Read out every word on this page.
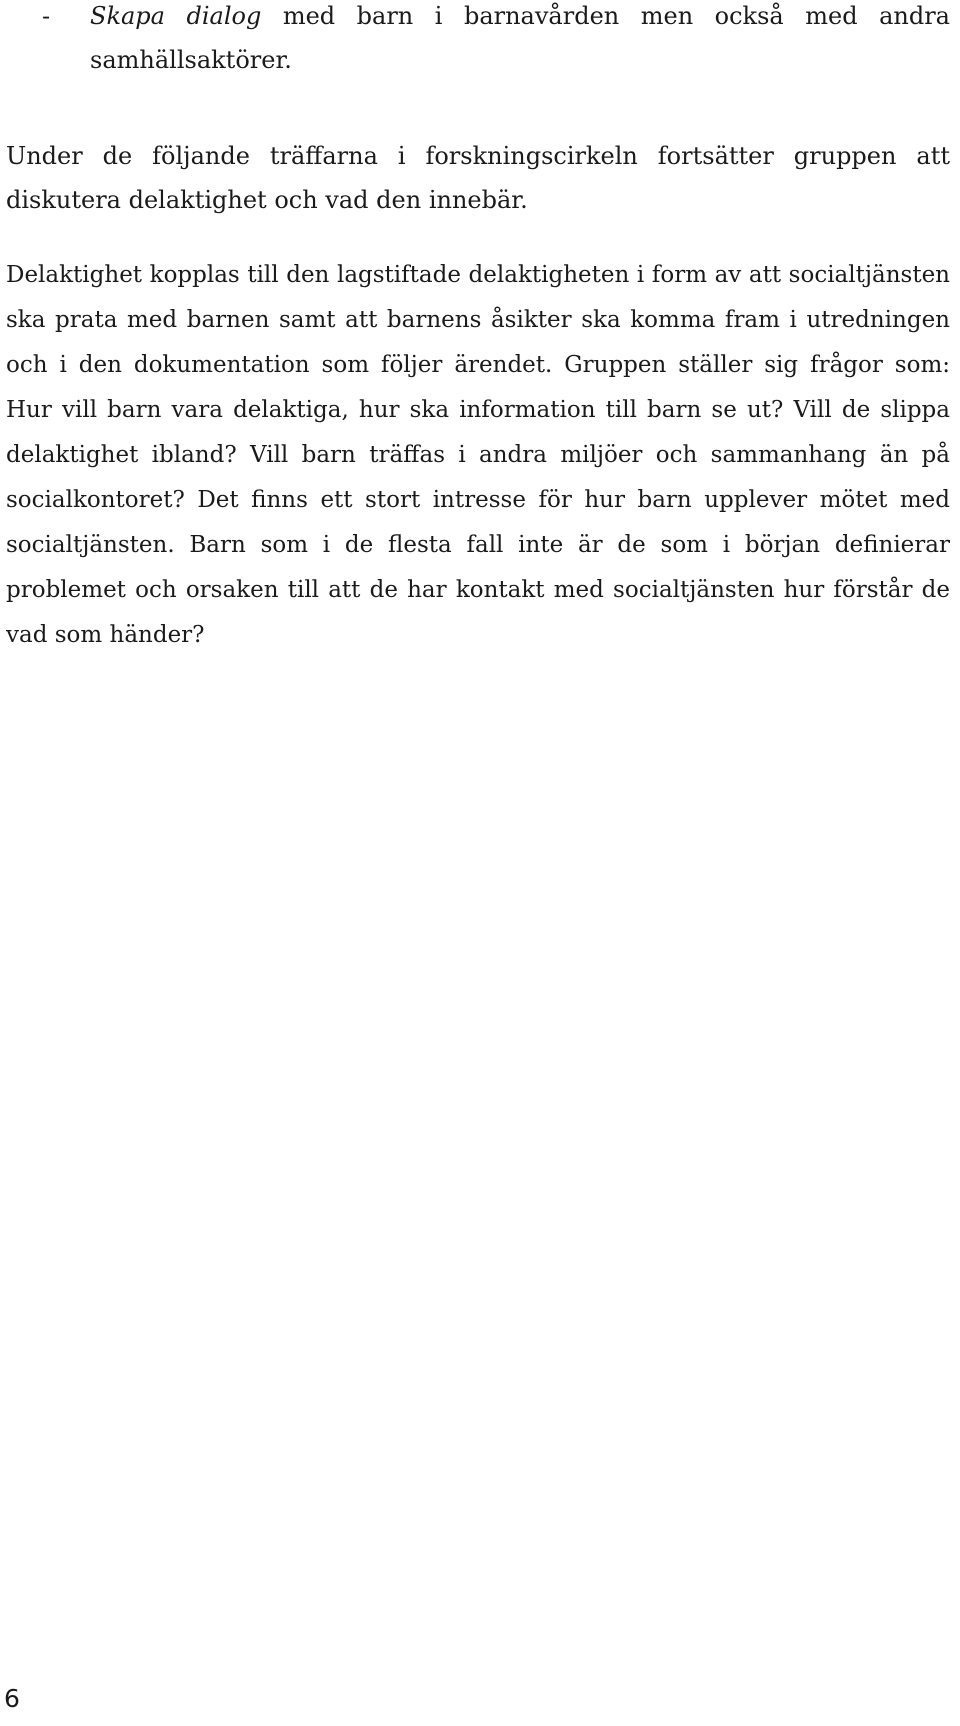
-	Skapa dialog med barn i barnavården men också med andra samhällsaktörer.

Under de följande träffarna i forskningscirkeln fortsätter gruppen att diskutera delaktighet och vad den innebär.

Delaktighet kopplas till den lagstiftade delaktigheten i form av att socialtjänsten ska prata med barnen samt att barnens åsikter ska komma fram i utredningen och i den dokumentation som följer ärendet. Gruppen ställer sig frågor som: Hur vill barn vara delaktiga, hur ska information till barn se ut? Vill de slippa delaktighet ibland? Vill barn träffas i andra miljöer och sammanhang än på socialkontoret? Det finns ett stort intresse för hur barn upplever mötet med socialtjänsten. Barn som i de flesta fall inte är de som i början definierar problemet och orsaken till att de har kontakt med socialtjänsten hur förstår de vad som händer?

6
